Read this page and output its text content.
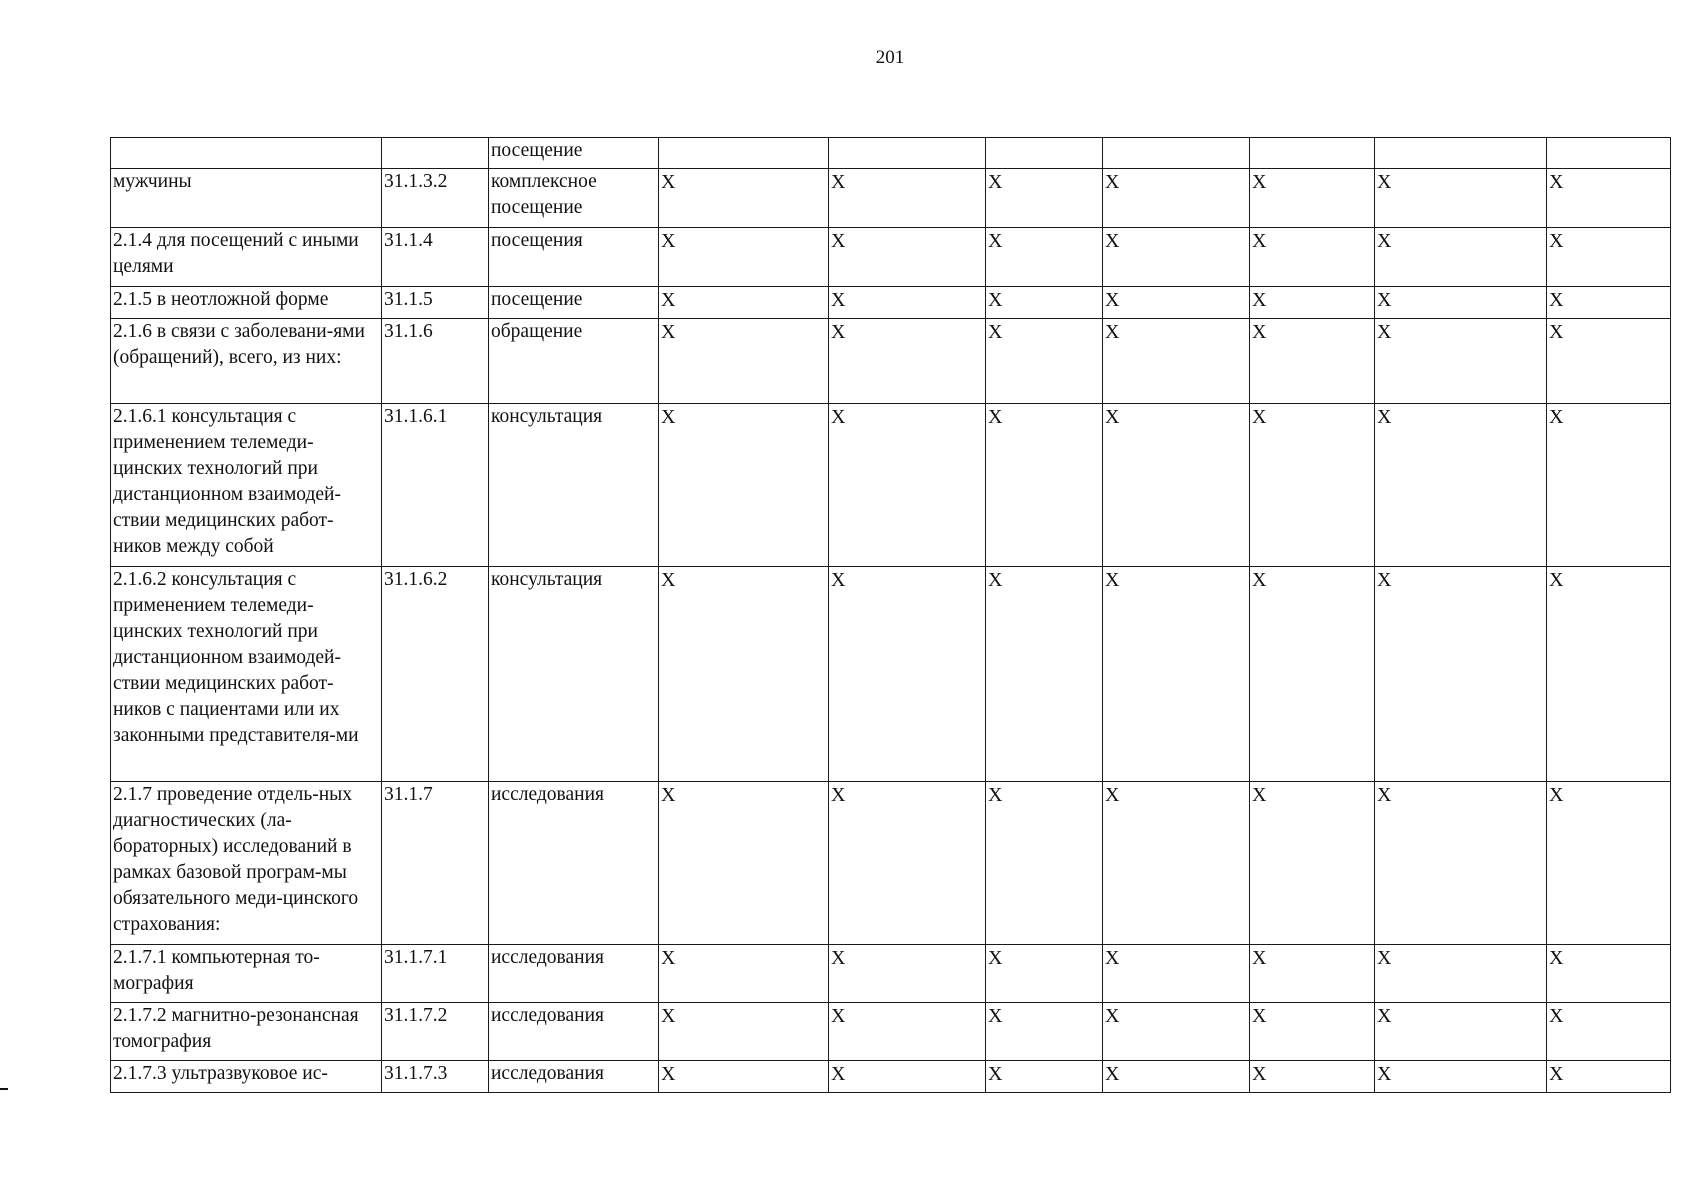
201
		посещение							
мужчины	31.1.3.2	комплексное посещение	X	X	X	X	X	X	X
2.1.4 для посещений с иными целями	31.1.4	посещения	X	X	X	X	X	X	X
2.1.5 в неотложной форме	31.1.5	посещение	X	X	X	X	X	X	X
2.1.6 в связи с заболевани-ями (обращений), всего, из них:	31.1.6	обращение	X	X	X	X	X	X	X
2.1.6.1 консультация с применением телемеди-цинских технологий при дистанционном взаимодей-ствии медицинских работ-ников между собой	31.1.6.1	консультация	X	X	X	X	X	X	X
2.1.6.2 консультация с применением телемеди-цинских технологий при дистанционном взаимодей-ствии медицинских работ-ников с пациентами или их законными представителя-ми	31.1.6.2	консультация	X	X	X	X	X	X	X
2.1.7 проведение отдель-ных диагностических (ла-бораторных) исследований в рамках базовой програм-мы обязательного меди-цинского страхования:	31.1.7	исследования	X	X	X	X	X	X	X
2.1.7.1 компьютерная то-мография	31.1.7.1	исследования	X	X	X	X	X	X	X
2.1.7.2 магнитно-резонансная томография	31.1.7.2	исследования	X	X	X	X	X	X	X
2.1.7.3 ультразвуковое ис-	31.1.7.3	исследования	X	X	X	X	X	X	X
